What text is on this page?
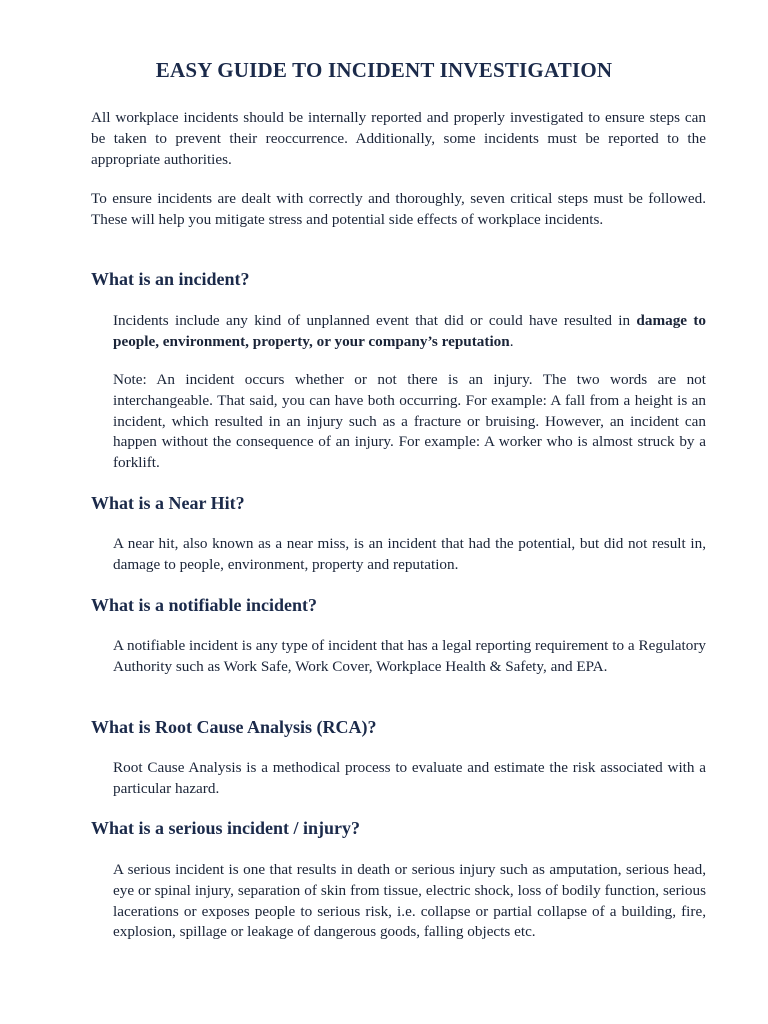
EASY GUIDE TO INCIDENT INVESTIGATION

All workplace incidents should be internally reported and properly investigated to ensure steps can be taken to prevent their reoccurrence. Additionally, some incidents must be reported to the appropriate authorities.

To ensure incidents are dealt with correctly and thoroughly, seven critical steps must be followed. These will help you mitigate stress and potential side effects of workplace incidents.

What is an incident?

Incidents include any kind of unplanned event that did or could have resulted in damage to people, environment, property, or your company’s reputation.

Note: An incident occurs whether or not there is an injury. The two words are not interchangeable. That said, you can have both occurring. For example: A fall from a height is an incident, which resulted in an injury such as a fracture or bruising. However, an incident can happen without the consequence of an injury. For example: A worker who is almost struck by a forklift.

What is a Near Hit?

A near hit, also known as a near miss, is an incident that had the potential, but did not result in, damage to people, environment, property and reputation.

What is a notifiable incident?

A notifiable incident is any type of incident that has a legal reporting requirement to a Regulatory Authority such as Work Safe, Work Cover, Workplace Health & Safety, and EPA.

What is Root Cause Analysis (RCA)?

Root Cause Analysis is a methodical process to evaluate and estimate the risk associated with a particular hazard.

What is a serious incident / injury?

A serious incident is one that results in death or serious injury such as amputation, serious head, eye or spinal injury, separation of skin from tissue, electric shock, loss of bodily function, serious lacerations or exposes people to serious risk, i.e. collapse or partial collapse of a building, fire, explosion, spillage or leakage of dangerous goods, falling objects etc.
